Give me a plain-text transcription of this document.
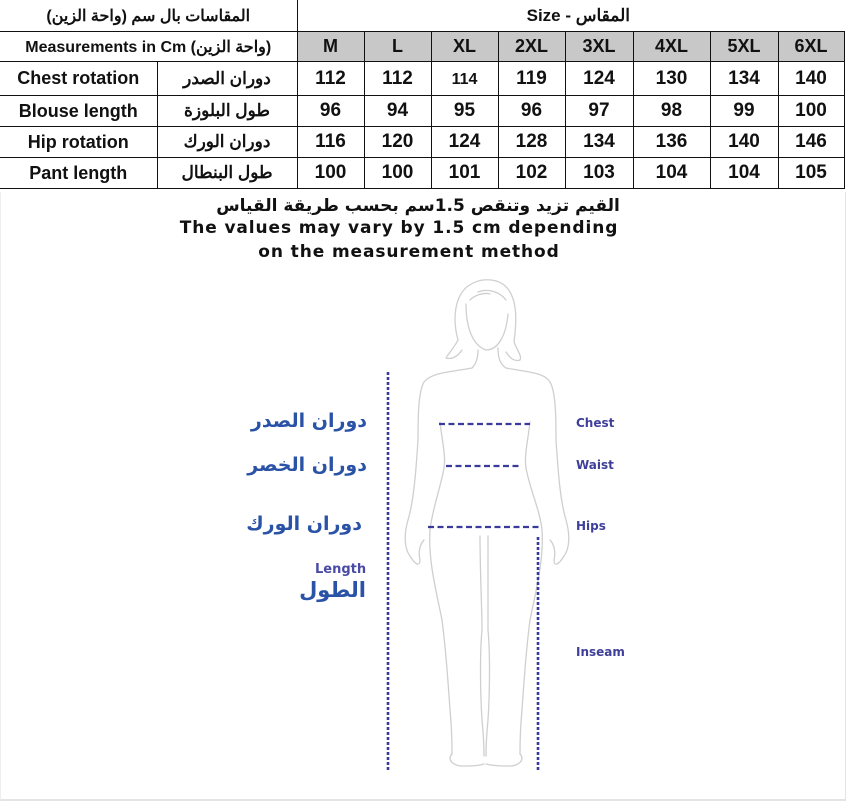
المقاسات بال سم (واحة الزين)		Size - المقاس							
Measurements in Cm (واحة الزين)		M	L	XL	2XL	3XL	4XL	5XL	6XL
Chest rotation	دوران الصدر	112	112	114	119	124	130	134	140
Blouse length	طول البلوزة	96	94	95	96	97	98	99	100
Hip rotation	دوران الورك	116	120	124	128	134	136	140	146
Pant length	طول البنطال	100	100	101	102	103	104	104	105
القيم تزيد وتنقص 1.5سم بحسب طريقة القياس
The values may vary by 1.5 cm depending
on the measurement method
دوران الصدر
دوران الخصر
دوران الورك
Length
الطول
Chest
Waist
Hips
Inseam
